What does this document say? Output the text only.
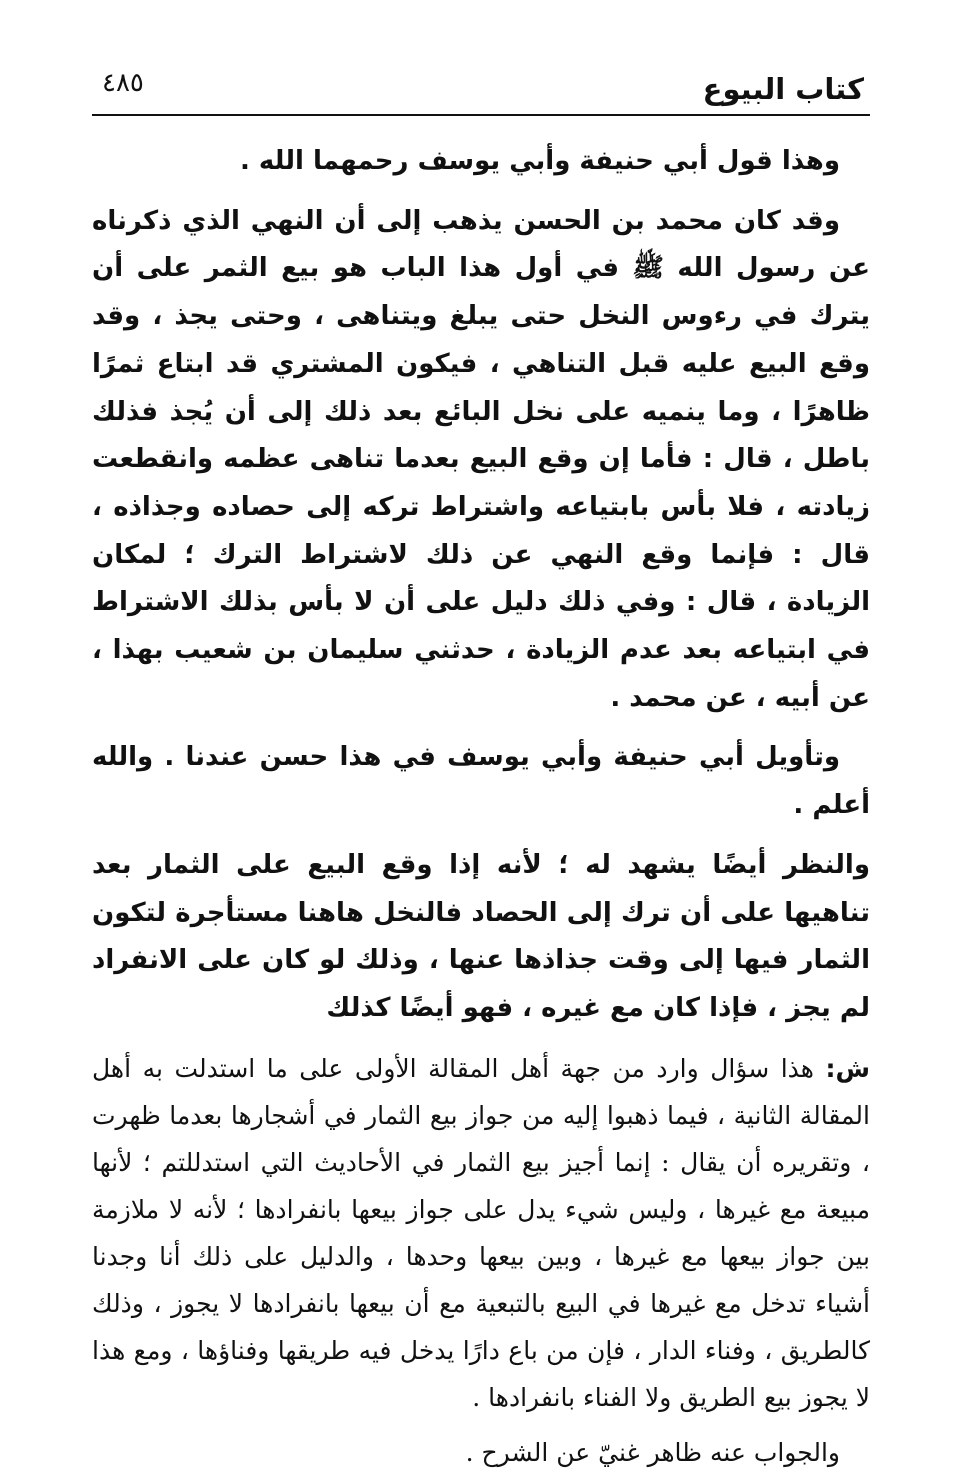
كتاب البيوع
٤٨٥

وهذا قول أبي حنيفة وأبي يوسف رحمهما الله .

وقد كان محمد بن الحسن يذهب إلى أن النهي الذي ذكرناه عن رسول الله ﷺ في أول هذا الباب هو بيع الثمر على أن يترك في رءوس النخل حتى يبلغ ويتناهى ، وحتى يجذ ، وقد وقع البيع عليه قبل التناهي ، فيكون المشتري قد ابتاع ثمرًا ظاهرًا ، وما ينميه على نخل البائع بعد ذلك إلى أن يُجذ فذلك باطل ، قال : فأما إن وقع البيع بعدما تناهى عظمه وانقطعت زيادته ، فلا بأس بابتياعه واشتراط تركه إلى حصاده وجذاذه ، قال : فإنما وقع النهي عن ذلك لاشتراط الترك ؛ لمكان الزيادة ، قال : وفي ذلك دليل على أن لا بأس بذلك الاشتراط في ابتياعه بعد عدم الزيادة ، حدثني سليمان بن شعيب بهذا ، عن أبيه ، عن محمد .

وتأويل أبي حنيفة وأبي يوسف في هذا حسن عندنا . والله أعلم .

والنظر أيضًا يشهد له ؛ لأنه إذا وقع البيع على الثمار بعد تناهيها على أن ترك إلى الحصاد فالنخل هاهنا مستأجرة لتكون الثمار فيها إلى وقت جذاذها عنها ، وذلك لو كان على الانفراد لم يجز ، فإذا كان مع غيره ، فهو أيضًا كذلك

ش: هذا سؤال وارد من جهة أهل المقالة الأولى على ما استدلت به أهل المقالة الثانية ، فيما ذهبوا إليه من جواز بيع الثمار في أشجارها بعدما ظهرت ، وتقريره أن يقال : إنما أجيز بيع الثمار في الأحاديث التي استدللتم ؛ لأنها مبيعة مع غيرها ، وليس شيء يدل على جواز بيعها بانفرادها ؛ لأنه لا ملازمة بين جواز بيعها مع غيرها ، وبين بيعها وحدها ، والدليل على ذلك أنا وجدنا أشياء تدخل مع غيرها في البيع بالتبعية مع أن بيعها بانفرادها لا يجوز ، وذلك كالطريق ، وفناء الدار ، فإن من باع دارًا يدخل فيه طريقها وفناؤها ، ومع هذا لا يجوز بيع الطريق ولا الفناء بانفرادها .

والجواب عنه ظاهر غنيّ عن الشرح .
